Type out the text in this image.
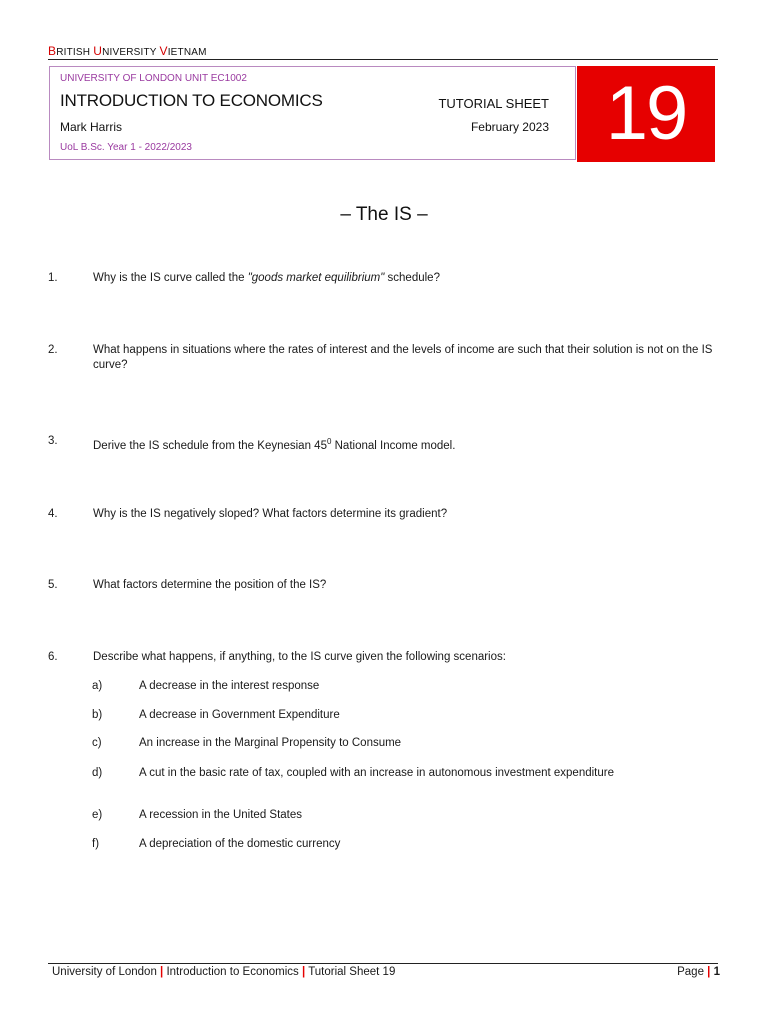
BRITISH UNIVERSITY VIETNAM
UNIVERSITY OF LONDON UNIT EC1002
INTRODUCTION TO ECONOMICS
Mark Harris
UoL B.Sc. Year 1 - 2022/2023
TUTORIAL SHEET
February 2023 19
– The IS –
1.	Why is the IS curve called the "goods market equilibrium" schedule?
2.	What happens in situations where the rates of interest and the levels of income are such that their solution is not on the IS curve?
3.	Derive the IS schedule from the Keynesian $45^0$ National Income model.
4.	Why is the IS negatively sloped? What factors determine its gradient?
5.	What factors determine the position of the IS?
6.	Describe what happens, if anything, to the IS curve given the following scenarios:
a)	A decrease in the interest response
b)	A decrease in Government Expenditure
c)	An increase in the Marginal Propensity to Consume
d)	A cut in the basic rate of tax, coupled with an increase in autonomous investment expenditure
e)	A recession in the United States
f)	A depreciation of the domestic currency
University of London | Introduction to Economics | Tutorial Sheet 19	Page | 1
